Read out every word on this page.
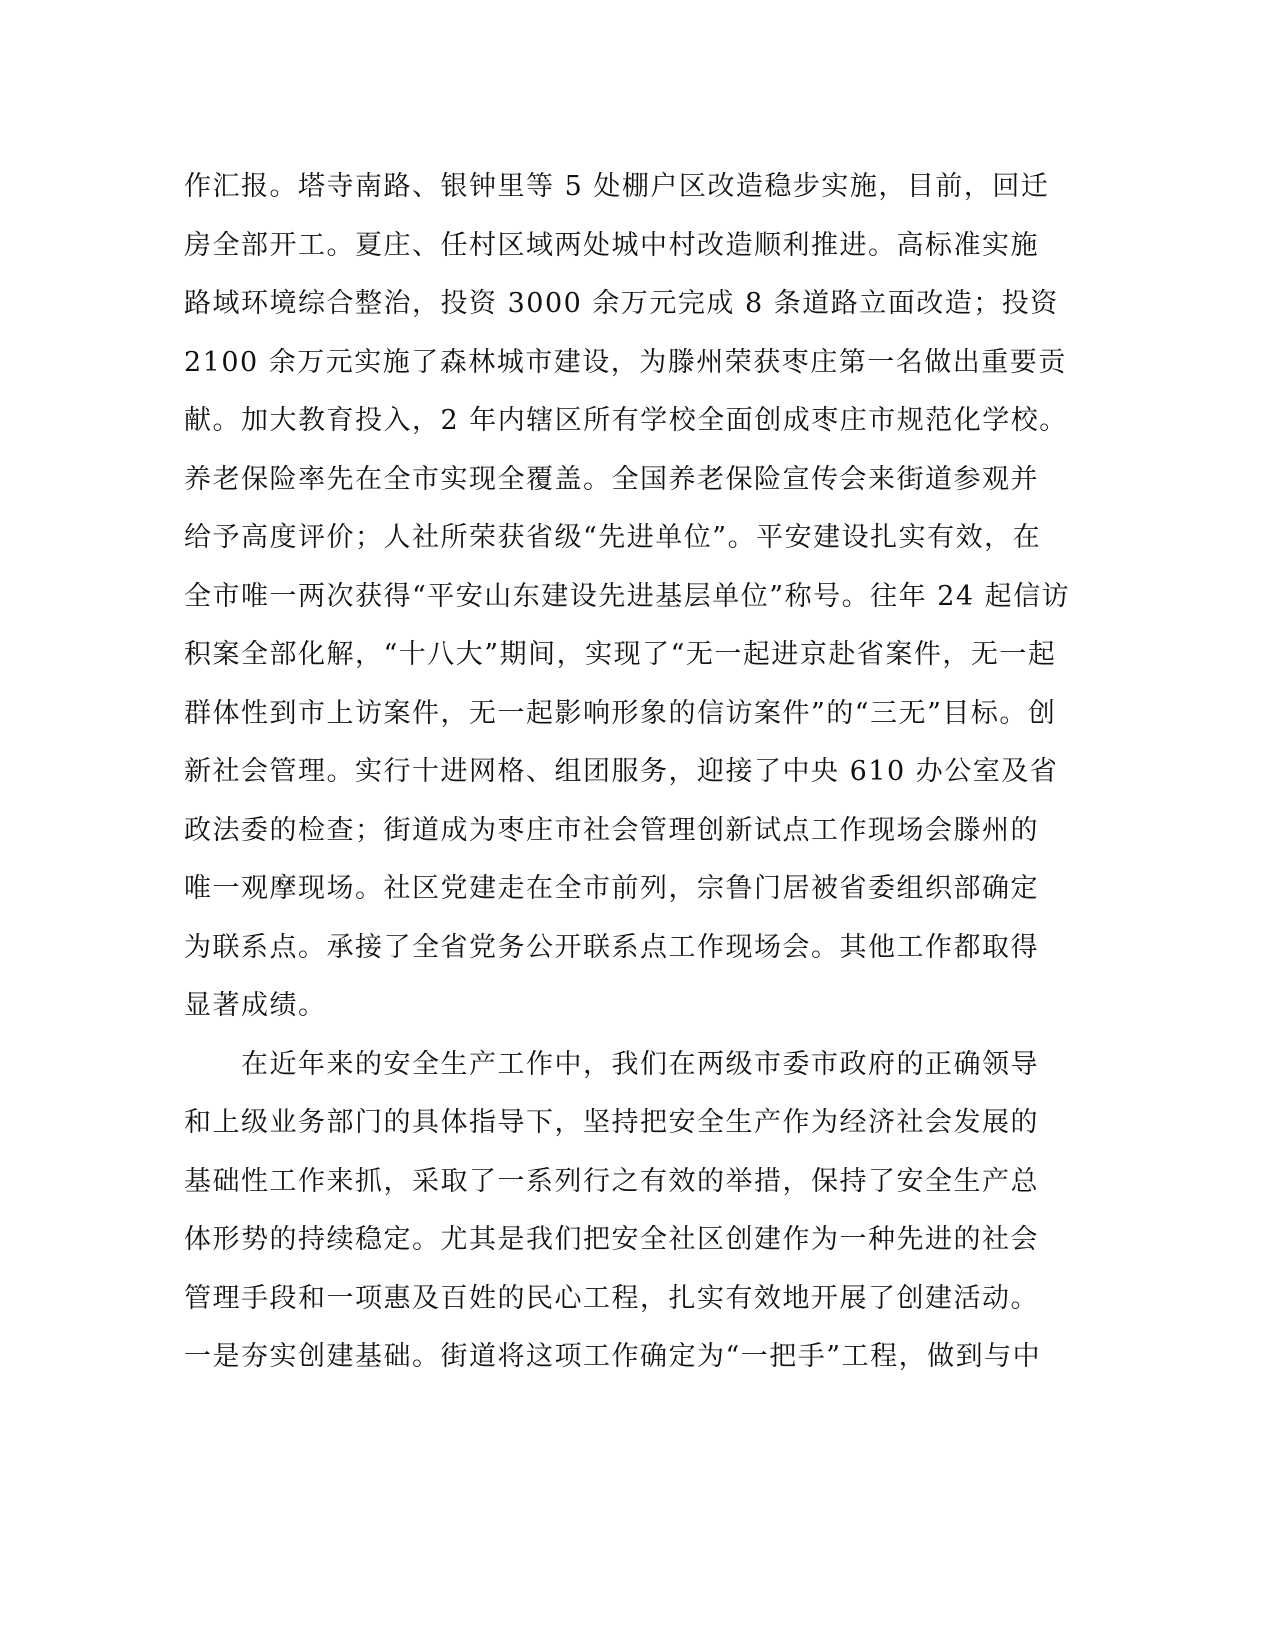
作汇报。塔寺南路、银钟里等 5 处棚户区改造稳步实施，目前，回迁
房全部开工。夏庄、任村区域两处城中村改造顺利推进。高标准实施
路域环境综合整治，投资 3000 余万元完成 8 条道路立面改造；投资
2100 余万元实施了森林城市建设，为滕州荣获枣庄第一名做出重要贡
献。加大教育投入，2 年内辖区所有学校全面创成枣庄市规范化学校。
养老保险率先在全市实现全覆盖。全国养老保险宣传会来街道参观并
给予高度评价；人社所荣获省级“先进单位”。平安建设扎实有效，在
全市唯一两次获得“平安山东建设先进基层单位”称号。往年 24 起信访
积案全部化解，“十八大”期间，实现了“无一起进京赴省案件，无一起
群体性到市上访案件，无一起影响形象的信访案件”的“三无”目标。创
新社会管理。实行十进网格、组团服务，迎接了中央 610 办公室及省
政法委的检查；街道成为枣庄市社会管理创新试点工作现场会滕州的
唯一观摩现场。社区党建走在全市前列，宗鲁门居被省委组织部确定
为联系点。承接了全省党务公开联系点工作现场会。其他工作都取得
显著成绩。
　　在近年来的安全生产工作中，我们在两级市委市政府的正确领导
和上级业务部门的具体指导下，坚持把安全生产作为经济社会发展的
基础性工作来抓，采取了一系列行之有效的举措，保持了安全生产总
体形势的持续稳定。尤其是我们把安全社区创建作为一种先进的社会
管理手段和一项惠及百姓的民心工程，扎实有效地开展了创建活动。
一是夯实创建基础。街道将这项工作确定为“一把手”工程，做到与中
